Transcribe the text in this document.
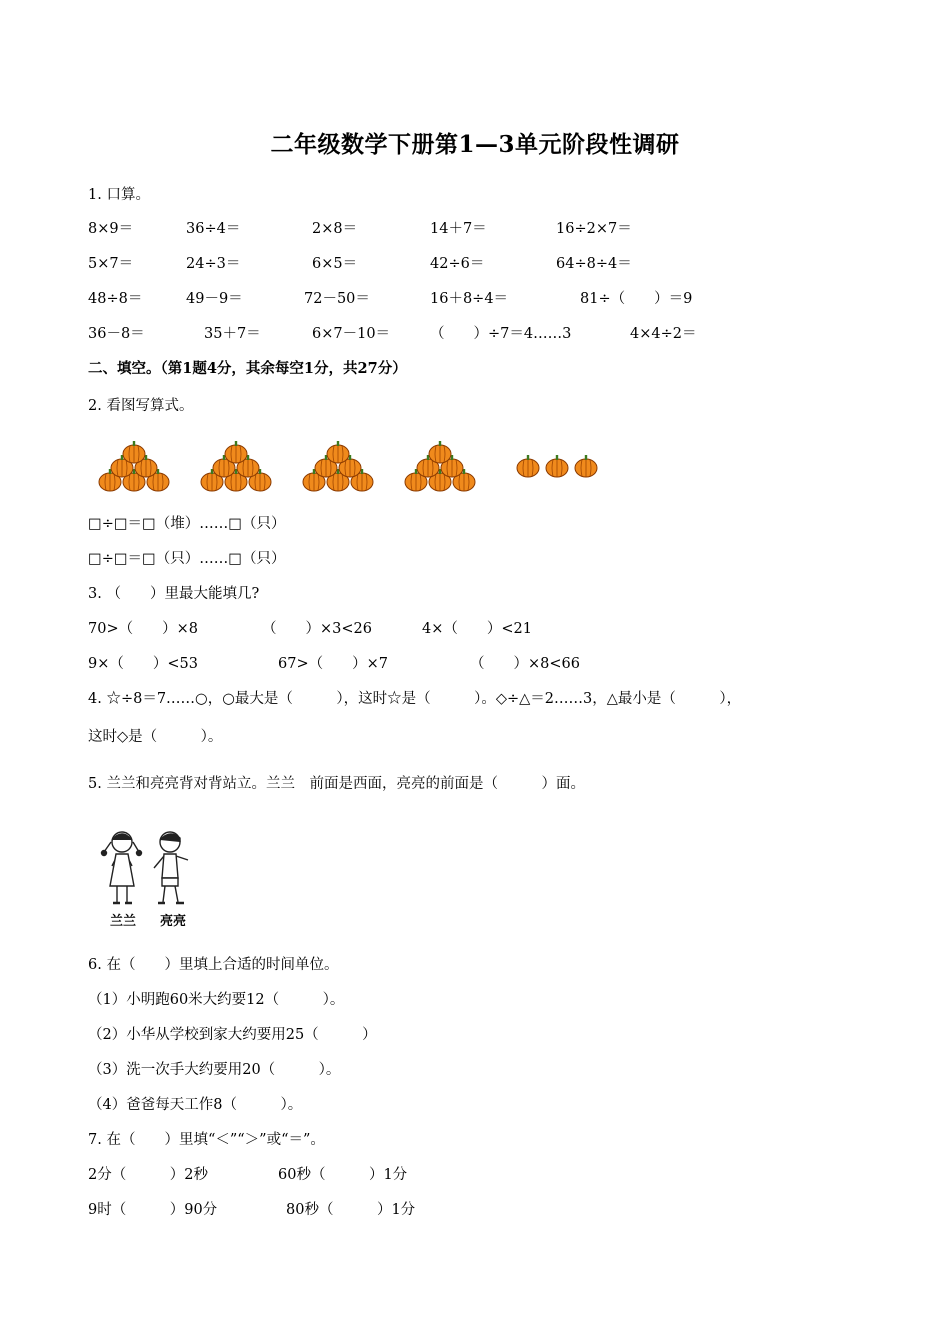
二年级数学下册第1—3单元阶段性调研
1. 口算。
8×9＝	36÷4＝	2×8＝	14＋7＝	16÷2×7＝
5×7＝	24÷3＝	6×5＝	42÷6＝	64÷8÷4＝
48÷8＝	49－9＝	72－50＝	16＋8÷4＝	81÷（　　）＝9
36－8＝	35＋7＝	6×7－10＝	（　　）÷7＝4……3	4×4÷2＝
二、填空。（第1题4分，其余每空1分，共27分）
2. 看图写算式。
□÷□＝□（堆）……□（只）
□÷□＝□（只）……□（只）
3. （　　）里最大能填几?
70>（　　）×8	（　　）×3<26	4×（　　）<21
9×（　　）<53	67>（　　）×7	（　　）×8<66
4. ☆÷8＝7……○，○最大是（　　　），这时☆是（　　　）。◇÷△＝2……3，△最小是（　　　），
这时◇是（　　　）。
5. 兰兰和亮亮背对背站立。兰兰　前面是西面，亮亮的前面是（　　　）面。
兰兰 亮亮
6. 在（　　）里填上合适的时间单位。
（1）小明跑60米大约要12（　　　）。
（2）小华从学校到家大约要用25（　　　）
（3）洗一次手大约要用20（　　　）。
（4）爸爸每天工作8（　　　）。
7. 在（　　）里填“＜”“＞”或“＝”。
2分（　　　）2秒	60秒（　　　）1分
9时（　　　）90分	80秒（　　　）1分
